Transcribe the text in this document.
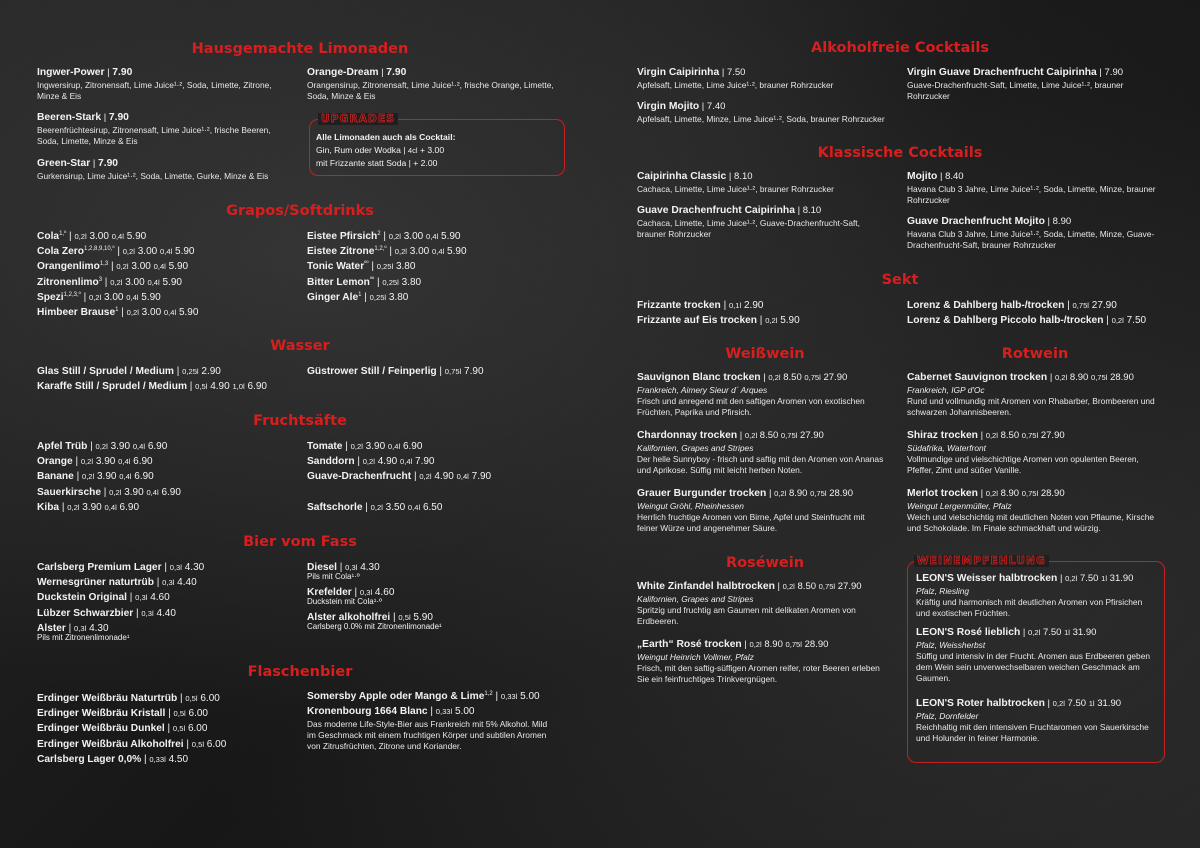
Hausgemachte Limonaden
Ingwer-Power | 7.90
Ingwersirup, Zitronensaft, Lime Juice¹·², Soda, Limette, Zitrone, Minze & Eis
Beeren-Stark | 7.90
Beerenfrüchtesirup, Zitronensaft, Lime Juice¹·², frische Beeren, Soda, Limette, Minze & Eis
Green-Star | 7.90
Gurkensirup, Lime Juice¹·², Soda, Limette, Gurke, Minze & Eis
Orange-Dream | 7.90
Orangensirup, Zitronensaft, Lime Juice¹·², frische Orange, Limette, Soda, Minze & Eis
UPGRADES
Alle Limonaden auch als Cocktail:
Gin, Rum oder Wodka | 4cl + 3.00
mit Frizzante statt Soda | + 2.00
Grapos/Softdrinks
Cola$^{1,º}$ | 0,2l 3.00 0,4l 5.90
Cola Zero$^{1,2,8,9,10,º}$ | 0,2l 3.00 0,4l 5.90
Orangenlimo$^{1,3}$ | 0,2l 3.00 0,4l 5.90
Zitronenlimo$^3$ | 0,2l 3.00 0,4l 5.90
Spezi$^{1,2,3,º}$ | 0,2l 3.00 0,4l 5.90
Himbeer Brause$^1$ | 0,2l 3.00 0,4l 5.90
Eistee Pfirsich$^2$ | 0,2l 3.00 0,4l 5.90
Eistee Zitrone$^{1,2,º}$ | 0,2l 3.00 0,4l 5.90
Tonic Water$^{ºº}$ | 0,25l 3.80
Bitter Lemon$^{ºº}$ | 0,25l 3.80
Ginger Ale$^1$ | 0,25l 3.80
Wasser
Glas Still / Sprudel / Medium | 0,25l 2.90
Karaffe Still / Sprudel / Medium | 0,5l 4.90 1,0l 6.90
Güstrower Still / Feinperlig | 0,75l 7.90
Fruchtsäfte
Apfel Trüb | 0,2l 3.90 0,4l 6.90
Orange | 0,2l 3.90 0,4l 6.90
Banane | 0,2l 3.90 0,4l 6.90
Sauerkirsche | 0,2l 3.90 0,4l 6.90
Kiba | 0,2l 3.90 0,4l 6.90
Tomate | 0,2l 3.90 0,4l 6.90
Sanddorn | 0,2l 4.90 0,4l 7.90
Guave-Drachenfrucht | 0,2l 4.90 0,4l 7.90
Saftschorle | 0,2l 3.50 0,4l 6.50
Bier vom Fass
Carlsberg Premium Lager | 0,3l 4.30
Wernesgrüner naturtrüb | 0,3l 4.40
Duckstein Original | 0,3l 4.60
Lübzer Schwarzbier | 0,3l 4.40
Alster | 0,3l 4.30
Pils mit Zitronenlimonade¹
Diesel | 0,3l 4.30
Pils mit Cola¹·º
Krefelder | 0,3l 4.60
Duckstein mit Cola¹·º
Alster alkoholfrei | 0,5l 5.90
Carlsberg 0.0% mit Zitronenlimonade¹
Flaschenbier
Erdinger Weißbräu Naturtrüb | 0,5l 6.00
Erdinger Weißbräu Kristall | 0,5l 6.00
Erdinger Weißbräu Dunkel | 0,5l 6.00
Erdinger Weißbräu Alkoholfrei | 0,5l 6.00
Carlsberg Lager 0,0% | 0,33l 4.50
Somersby Apple oder Mango & Lime$^{1,2}$ | 0,33l 5.00
Kronenbourg 1664 Blanc | 0,33l 5.00
Das moderne Life-Style-Bier aus Frankreich mit 5% Alkohol. Mild im Geschmack mit einem fruchtigen Körper und subtilen Aromen von Zitrusfrüchten, Zitrone und Koriander.
Alkoholfreie Cocktails
Virgin Caipirinha | 7.50
Apfelsaft, Limette, Lime Juice¹·², brauner Rohrzucker
Virgin Mojito | 7.40
Apfelsaft, Limette, Minze, Lime Juice¹·², Soda, brauner Rohrzucker
Virgin Guave Drachenfrucht Caipirinha | 7.90
Guave-Drachenfrucht-Saft, Limette, Lime Juice¹·², brauner Rohrzucker
Klassische Cocktails
Caipirinha Classic | 8.10
Cachaca, Limette, Lime Juice¹·², brauner Rohrzucker
Guave Drachenfrucht Caipirinha | 8.10
Cachaca, Limette, Lime Juice¹·², Guave-Drachenfrucht-Saft, brauner Rohrzucker
Mojito | 8.40
Havana Club 3 Jahre, Lime Juice¹·², Soda, Limette, Minze, brauner Rohrzucker
Guave Drachenfrucht Mojito | 8.90
Havana Club 3 Jahre, Lime Juice¹·², Soda, Limette, Minze, Guave-Drachenfrucht-Saft, brauner Rohrzucker
Sekt
Frizzante trocken | 0,1l 2.90
Frizzante auf Eis trocken | 0,2l 5.90
Lorenz & Dahlberg halb-/trocken | 0,75l 27.90
Lorenz & Dahlberg Piccolo halb-/trocken | 0,2l 7.50
Weißwein	Rotwein
Sauvignon Blanc trocken | 0,2l 8.50 0,75l 27.90
Frankreich, Aimery Sieur d´ Arques
Frisch und anregend mit den saftigen Aromen von exotischen Früchten, Paprika und Pfirsich.
Chardonnay trocken | 0,2l 8.50 0,75l 27.90
Kalifornien, Grapes and Stripes
Der helle Sunnyboy - frisch und saftig mit den Aromen von Ananas und Aprikose. Süffig mit leicht herben Noten.
Grauer Burgunder trocken | 0,2l 8.90 0,75l 28.90
Weingut Gröhl, Rheinhessen
Herrlich fruchtige Aromen von Birne, Apfel und Steinfrucht mit feiner Würze und angenehmer Säure.
Cabernet Sauvignon trocken | 0,2l 8.90 0,75l 28.90
Frankreich, IGP d'Oc
Rund und vollmundig mit Aromen von Rhabarber, Brombeeren und schwarzen Johannisbeeren.
Shiraz trocken | 0,2l 8.50 0,75l 27.90
Südafrika, Waterfront
Vollmundige und vielschichtige Aromen von opulenten Beeren, Pfeffer, Zimt und süßer Vanille.
Merlot trocken | 0,2l 8.90 0,75l 28.90
Weingut Lergenmüller, Pfalz
Weich und vielschichtig mit deutlichen Noten von Pflaume, Kirsche und Schokolade. Im Finale schmackhaft und würzig.
Roséwein
White Zinfandel halbtrocken | 0,2l 8.50 0,75l 27.90
Kalifornien, Grapes and Stripes
Spritzig und fruchtig am Gaumen mit delikaten Aromen von Erdbeeren.
„Earth“ Rosé trocken | 0,2l 8.90 0,75l 28.90
Weingut Heinrich Vollmer, Pfalz
Frisch, mit den saftig-süffigen Aromen reifer, roter Beeren erleben Sie ein feinfruchtiges Trinkvergnügen.
WEINEMPFEHLUNG
LEON'S Weisser halbtrocken | 0,2l 7.50 1l 31.90
Pfalz, Riesling
Kräftig und harmonisch mit deutlichen Aromen von Pfirsichen und exotischen Früchten.
LEON'S Rosé lieblich | 0,2l 7.50 1l 31.90
Pfalz, Weissherbst
Süffig und intensiv in der Frucht. Aromen aus Erdbeeren geben dem Wein sein unverwechselbaren weichen Geschmack am Gaumen.
LEON'S Roter halbtrocken | 0,2l 7.50 1l 31.90
Pfalz, Dornfelder
Reichhaltig mit den intensiven Fruchtaromen von Sauerkirsche und Holunder in feiner Harmonie.
